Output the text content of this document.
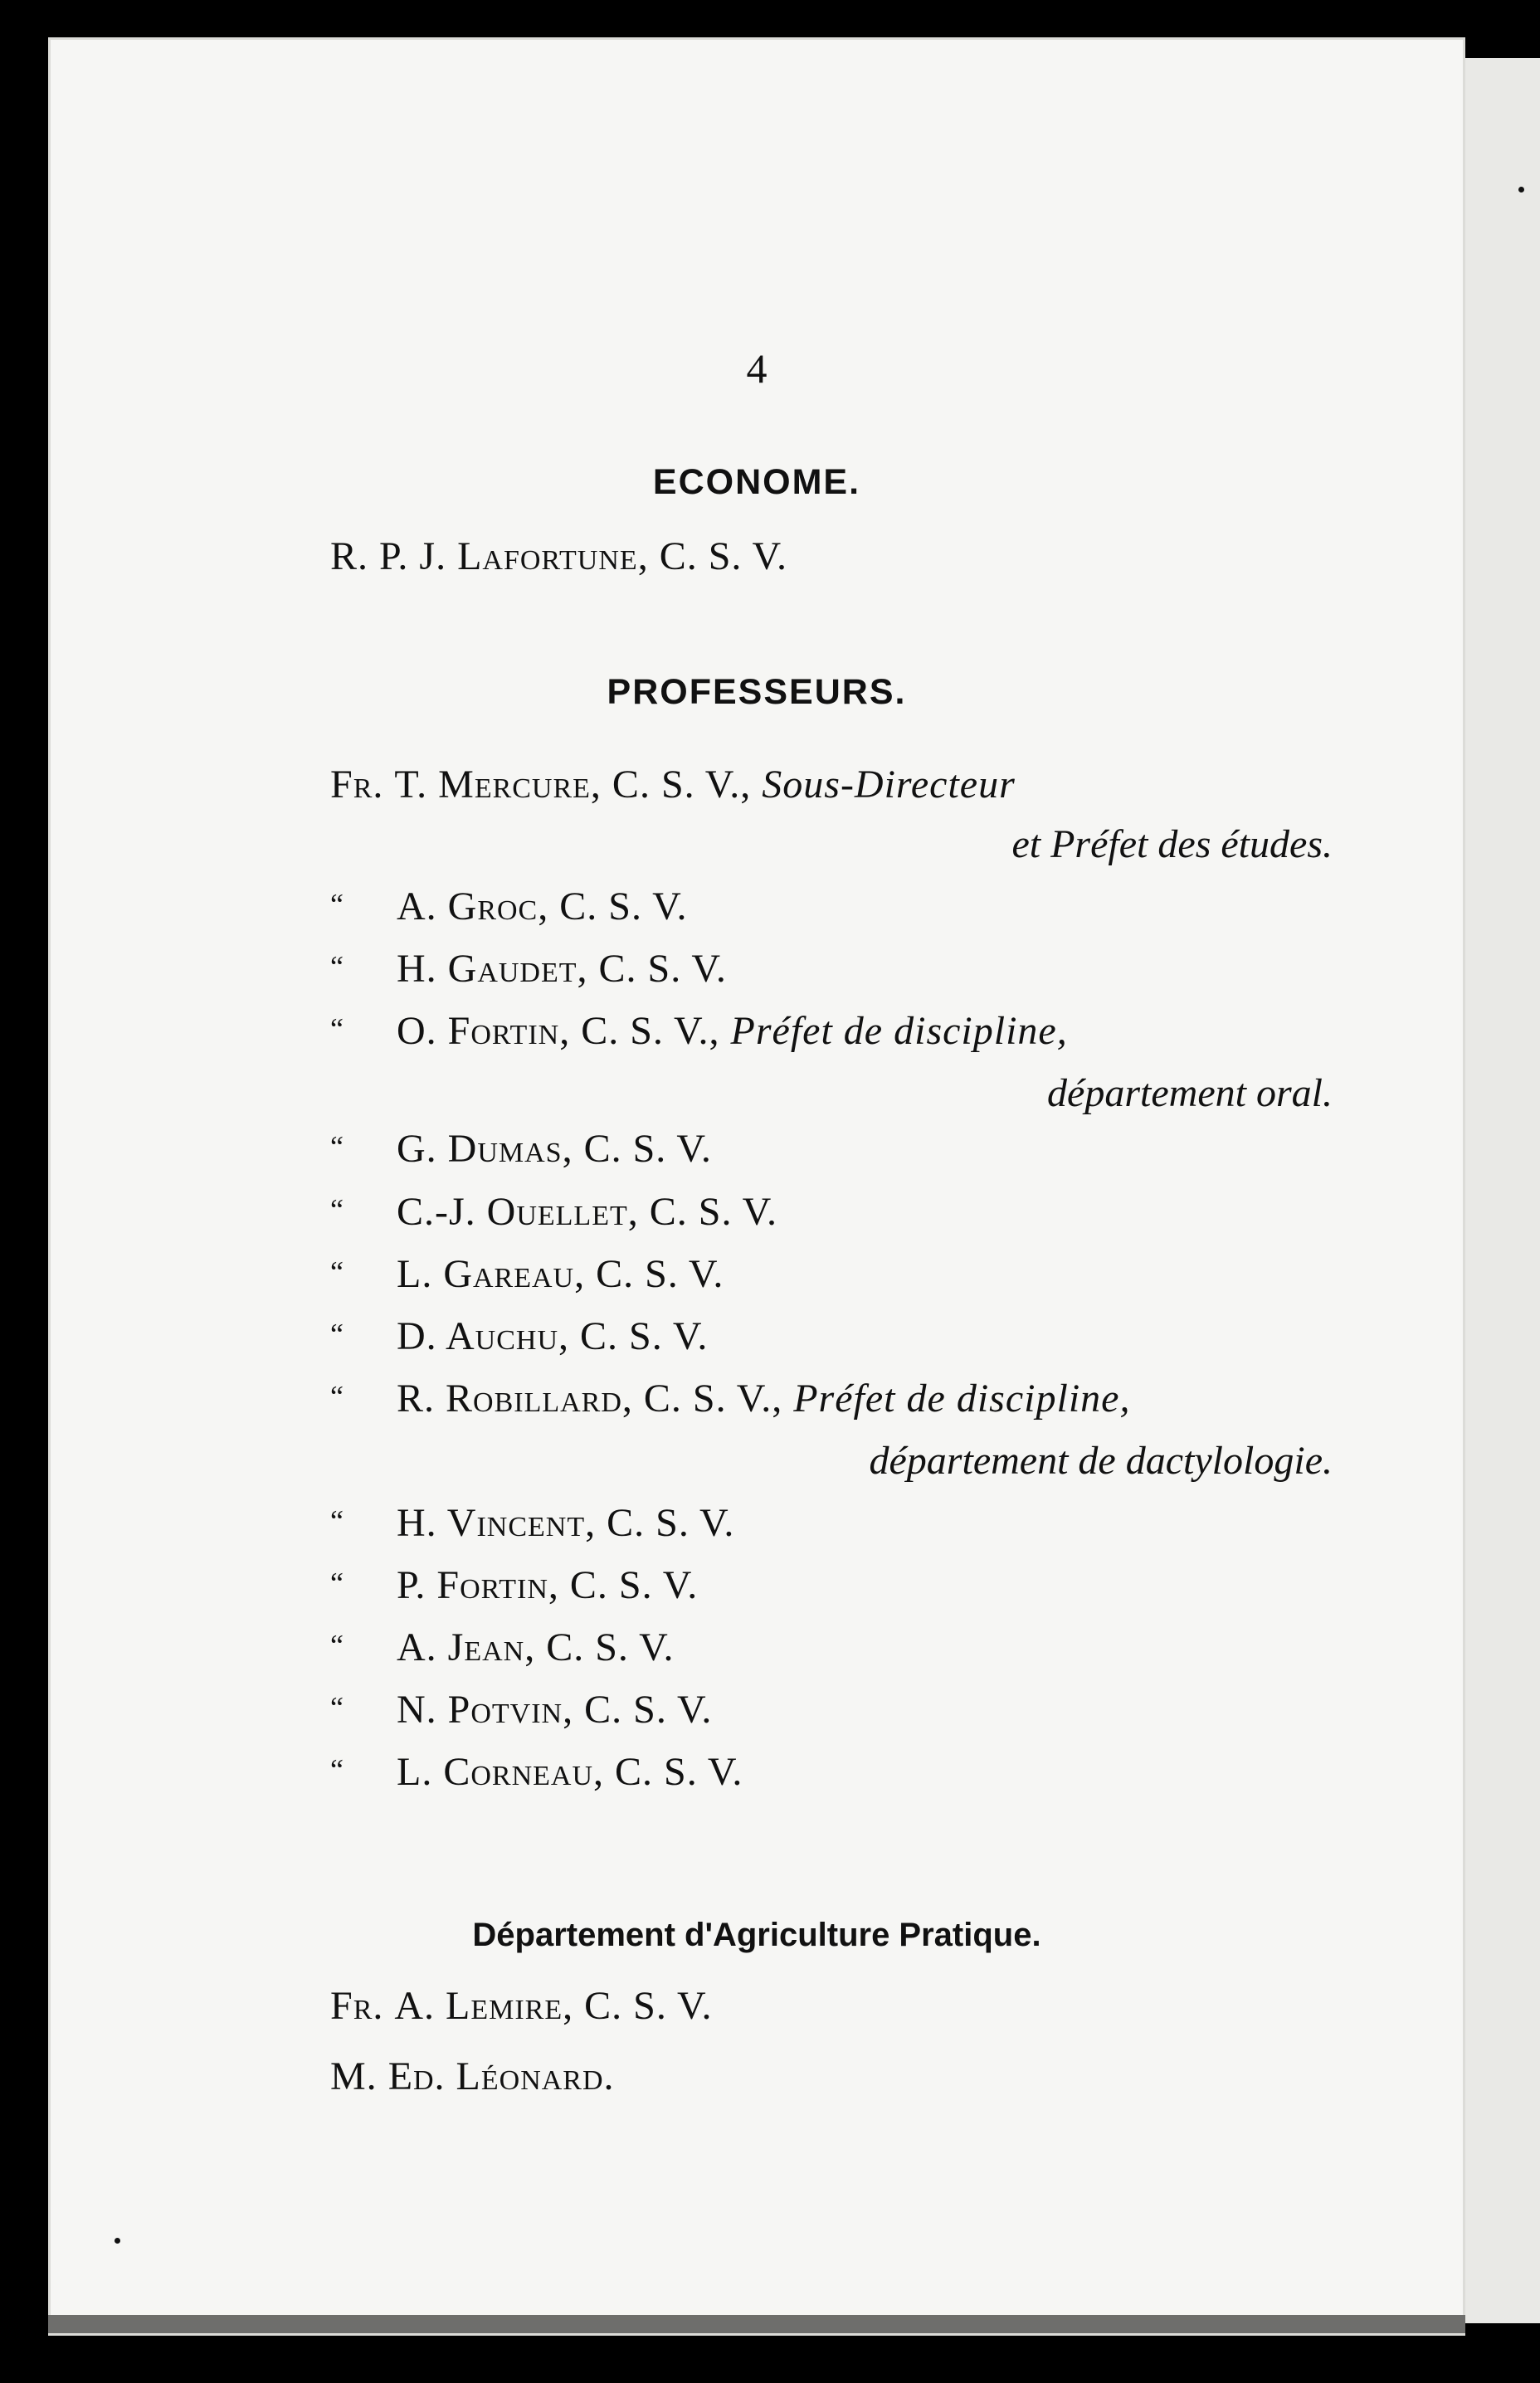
4
ECONOME.
R. P. J. Lafortune, C. S. V.
PROFESSEURS.
Fr. T. Mercure, C. S. V., Sous-Directeur
et Préfet des études.
“ A. Groc, C. S. V.
“ H. Gaudet, C. S. V.
“ O. Fortin, C. S. V., Préfet de discipline,
département oral.
“ G. Dumas, C. S. V.
“ C.-J. Ouellet, C. S. V.
“ L. Gareau, C. S. V.
“ D. Auchu, C. S. V.
“ R. Robillard, C. S. V., Préfet de discipline,
département de dactylologie.
“ H. Vincent, C. S. V.
“ P. Fortin, C. S. V.
“ A. Jean, C. S. V.
“ N. Potvin, C. S. V.
“ L. Corneau, C. S. V.
Département d'Agriculture Pratique.
Fr. A. Lemire, C. S. V.
M. Ed. Léonard.
